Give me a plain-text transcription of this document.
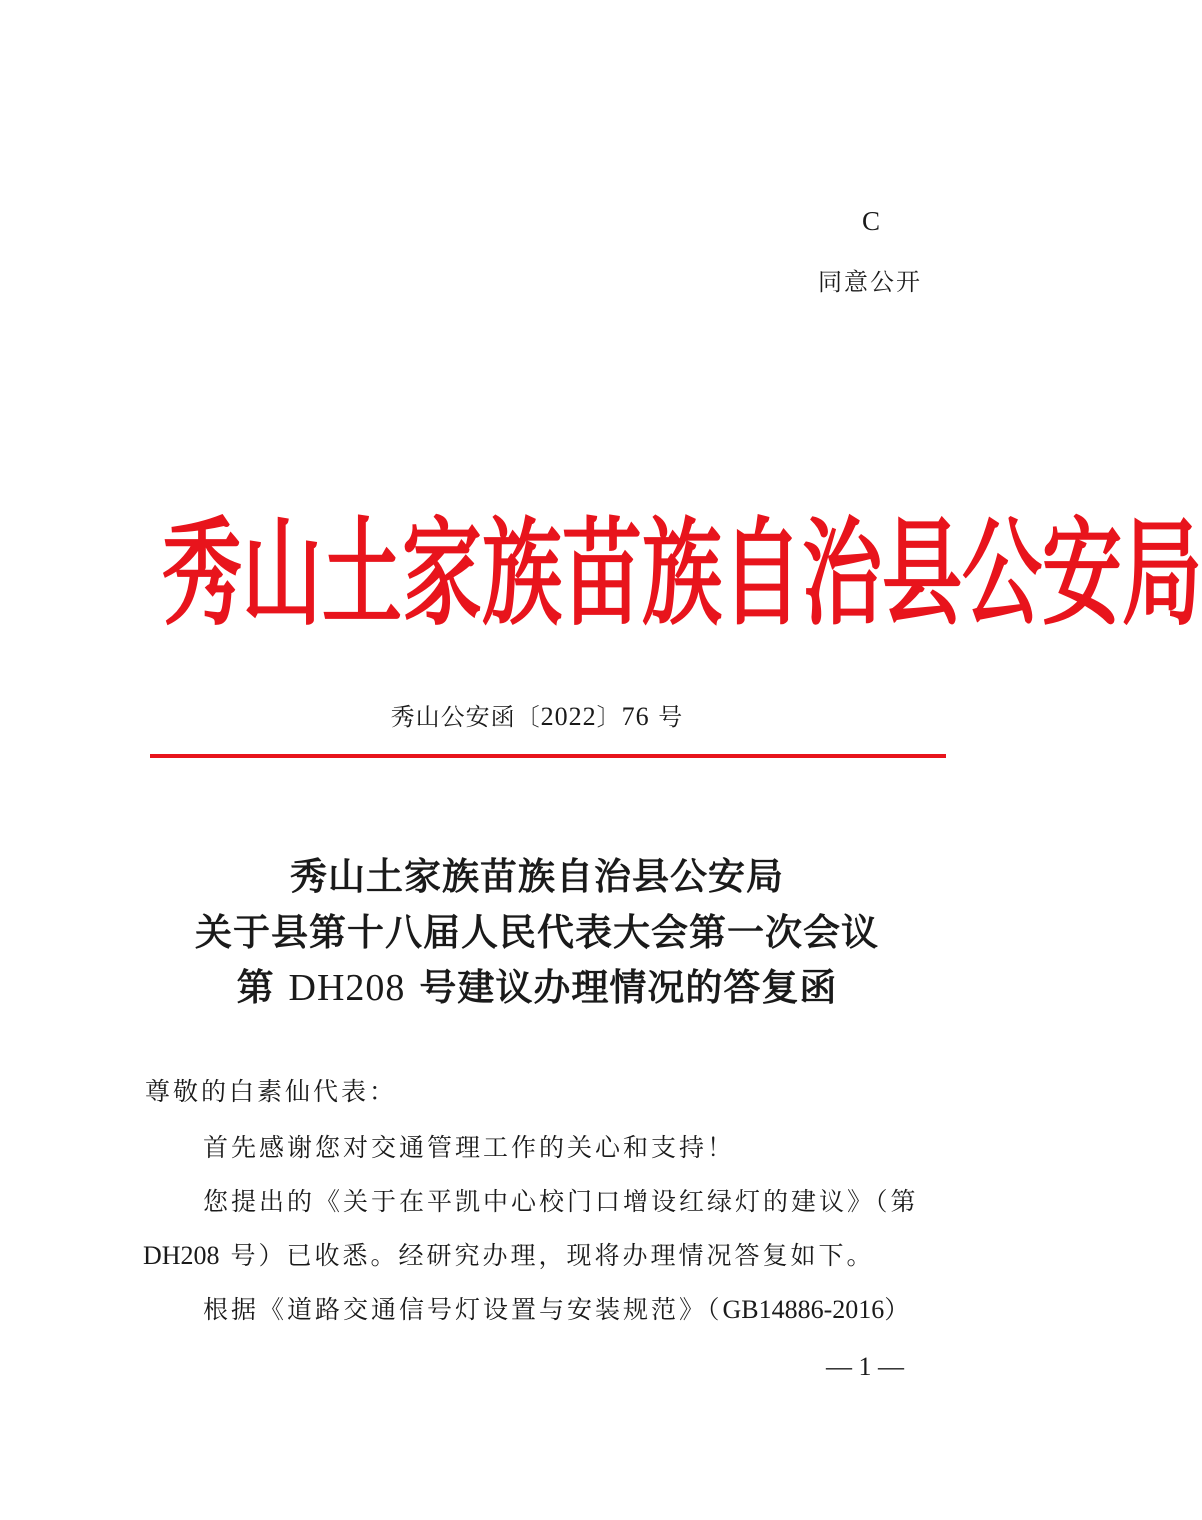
C
同意公开
秀 山 土 家 族 苗 族 自 治 县 公 安 局
秀山公安函〔2022〕76 号
秀山土家族苗族自治县公安局
关于县第十八届人民代表大会第一次会议
第 DH208 号建议办理情况的答复函
尊敬的白素仙代表：
首先感谢您对交通管理工作的关心和支持！
您提出的《关于在平凯中心校门口增设红绿灯的建议》（第
DH208 号）已收悉。经研究办理，现将办理情况答复如下。
根据《道路交通信号灯设置与安装规范》（GB14886-2016）
— 1 —
